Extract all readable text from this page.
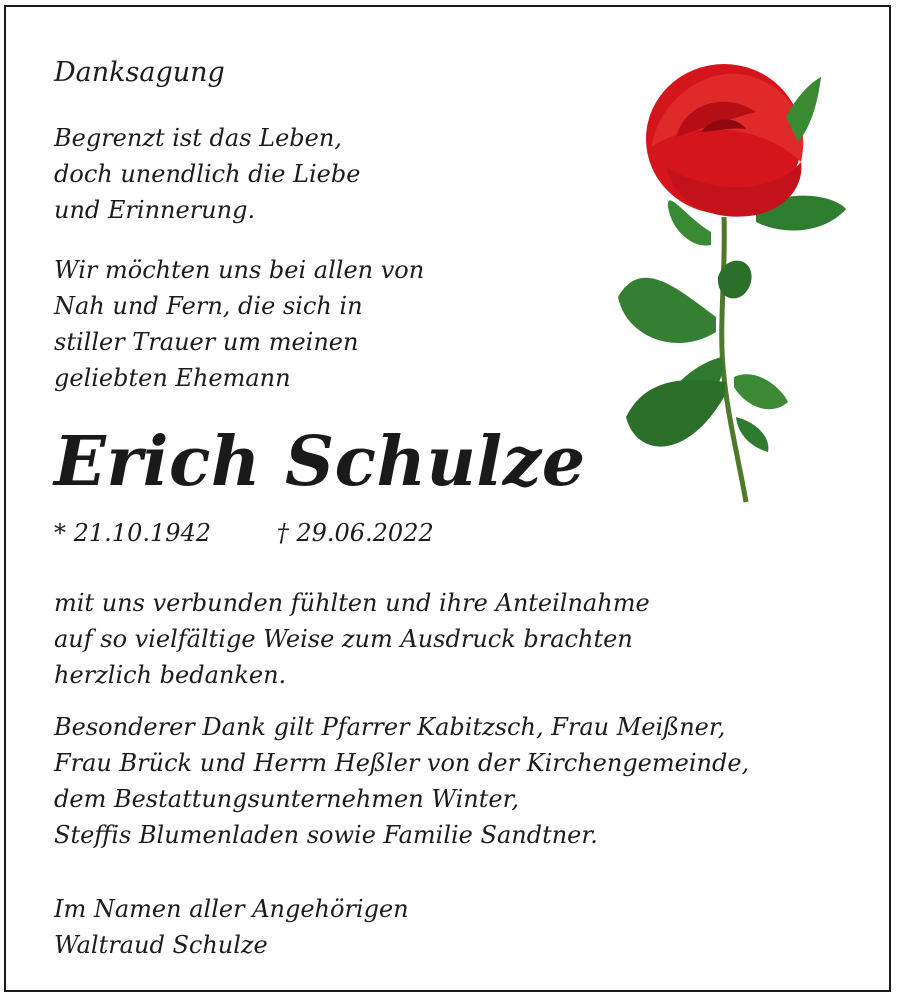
Danksagung
Begrenzt ist das Leben,
doch unendlich die Liebe
und Erinnerung.
Wir möchten uns bei allen von
Nah und Fern, die sich in
stiller Trauer um meinen
geliebten Ehemann
Erich Schulze
* 21.10.1942	† 29.06.2022
mit uns verbunden fühlten und ihre Anteilnahme
auf so vielfältige Weise zum Ausdruck brachten
herzlich bedanken.
Besonderer Dank gilt Pfarrer Kabitzsch, Frau Meißner,
Frau Brück und Herrn Heßler von der Kirchengemeinde,
dem Bestattungsunternehmen Winter,
Steffis Blumenladen sowie Familie Sandtner.
Im Namen aller Angehörigen
Waltraud Schulze
